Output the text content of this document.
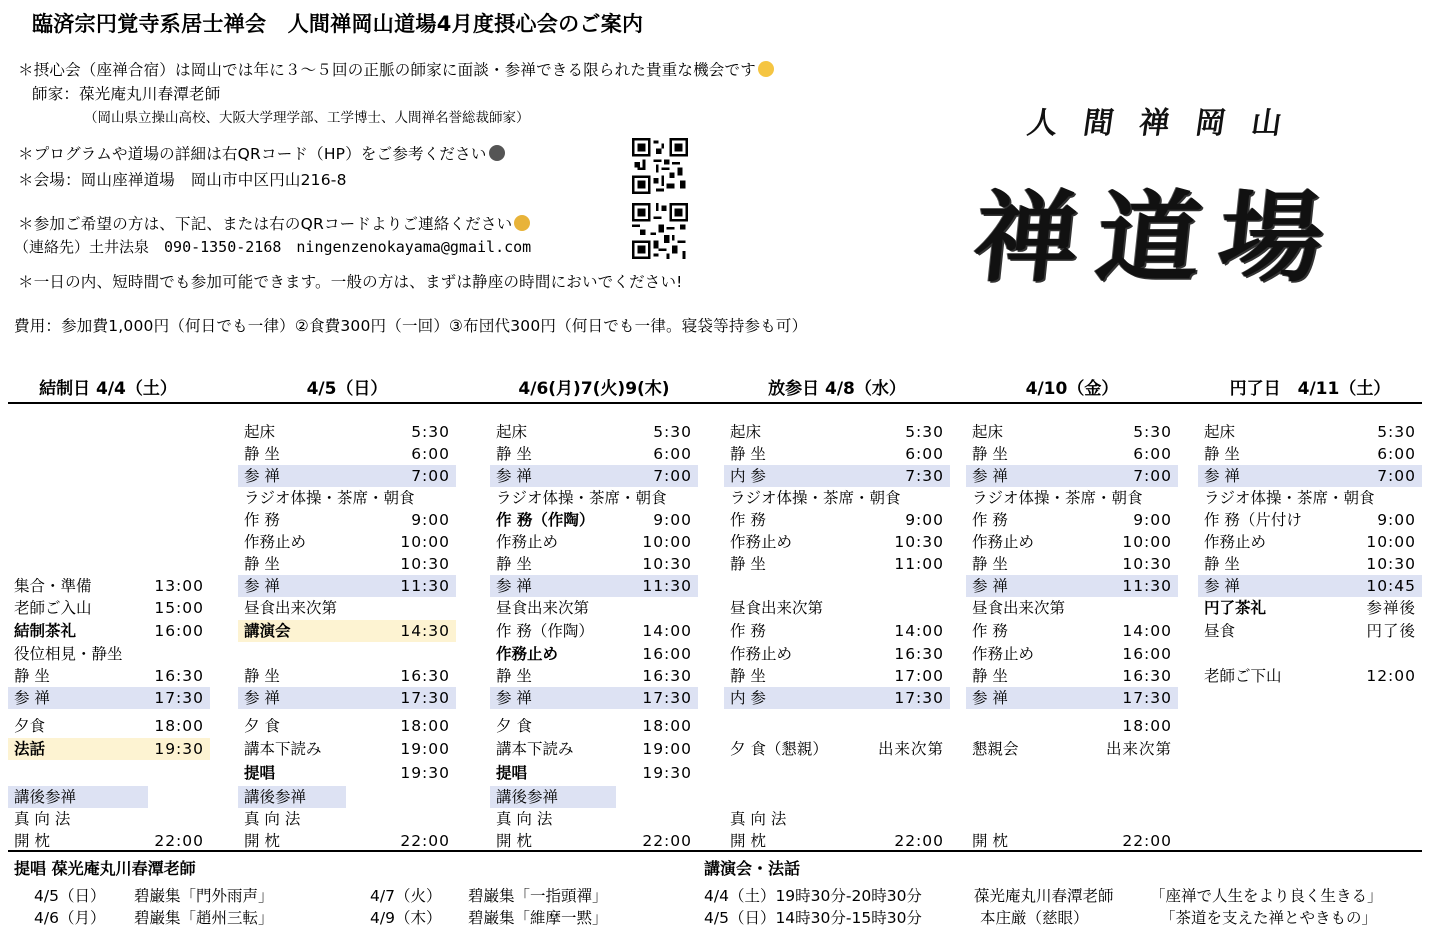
臨済宗円覚寺系居士禅会　人間禅岡山道場4月度摂心会のご案内
＊摂心会（座禅合宿）は岡山では年に３～５回の正脈の師家に面談・参禅できる限られた貴重な機会です
師家：葆光庵丸川春潭老師
（岡山県立操山高校、大阪大学理学部、工学博士、人間禅名誉総裁師家）
＊プログラムや道場の詳細は右QRコード（HP）をご参考ください
＊会場：岡山座禅道場　岡山市中区円山216-8
＊参加ご希望の方は、下記、または右のQRコードよりご連絡ください
（連絡先）土井法泉　090-1350-2168　ningenzenokayama@gmail.com
＊一日の内、短時間でも参加可能できます。一般の方は、まずは静座の時間においでください!
費用：参加費1,000円（何日でも一律）②食費300円（一回）③布団代300円（何日でも一律。寝袋等持参も可）
人間禅岡山
禅道場
結制日 4/4（土）	4/5（日）	4/6(月)7(火)9(木)	放参日 4/8（水）	4/10（金）	円了日　4/11（土）
集合・準備	13:00
老師ご入山	15:00
結制茶礼	16:00
役位相見・静坐
静 坐	16:30
参 禅	17:30
夕食	18:00
法話	19:30
講後参禅
真 向 法
開 枕	22:00
起床	5:30
静 坐	6:00
参 禅	7:00
ラジオ体操・茶席・朝食
作 務	9:00
作務止め	10:00
静 坐	10:30
参 禅	11:30
昼食出来次第
講演会	14:30
静 坐	16:30
参 禅	17:30
夕 食	18:00
講本下読み	19:00
提唱	19:30
講後参禅
真 向 法
開 枕	22:00
起床	5:30
静 坐	6:00
参 禅	7:00
ラジオ体操・茶席・朝食
作 務（作陶）	9:00
作務止め	10:00
静 坐	10:30
参 禅	11:30
昼食出来次第
作 務（作陶）	14:00
作務止め	16:00
静 坐	16:30
参 禅	17:30
夕 食	18:00
講本下読み	19:00
提唱	19:30
講後参禅
真 向 法
開 枕	22:00
起床	5:30
静 坐	6:00
内 参	7:30
ラジオ体操・茶席・朝食
作 務	9:00
作務止め	10:30
静 坐	11:00
昼食出来次第
作 務	14:00
作務止め	16:30
静 坐	17:00
内 参	17:30
夕 食（懇親）	出来次第
真 向 法
開 枕	22:00
起床	5:30
静 坐	6:00
参 禅	7:00
ラジオ体操・茶席・朝食
作 務	9:00
作務止め	10:00
静 坐	10:30
参 禅	11:30
昼食出来次第
作 務	14:00
作務止め	16:00
静 坐	16:30
参 禅	17:30
18:00
懇親会	出来次第
開 枕	22:00
起床	5:30
静 坐	6:00
参 禅	7:00
ラジオ体操・茶席・朝食
作 務（片付け	9:00
作務止め	10:00
静 坐	10:30
参 禅	10:45
円了茶礼	参禅後
昼食	円了後
老師ご下山	12:00
提唱 葆光庵丸川春潭老師
4/5（日） 碧巌集「門外雨声」
4/6（月） 碧巌集「趙州三転」
4/7（火） 碧巌集「一指頭禪」
4/9（木） 碧巌集「維摩一黙」
講演会・法話
4/4（土）19時30分-20時30分	葆光庵丸川春潭老師 「座禅で人生をより良く生きる」
4/5（日）14時30分-15時30分	本庄厳（慈眼）	「茶道を支えた禅とやきもの」
